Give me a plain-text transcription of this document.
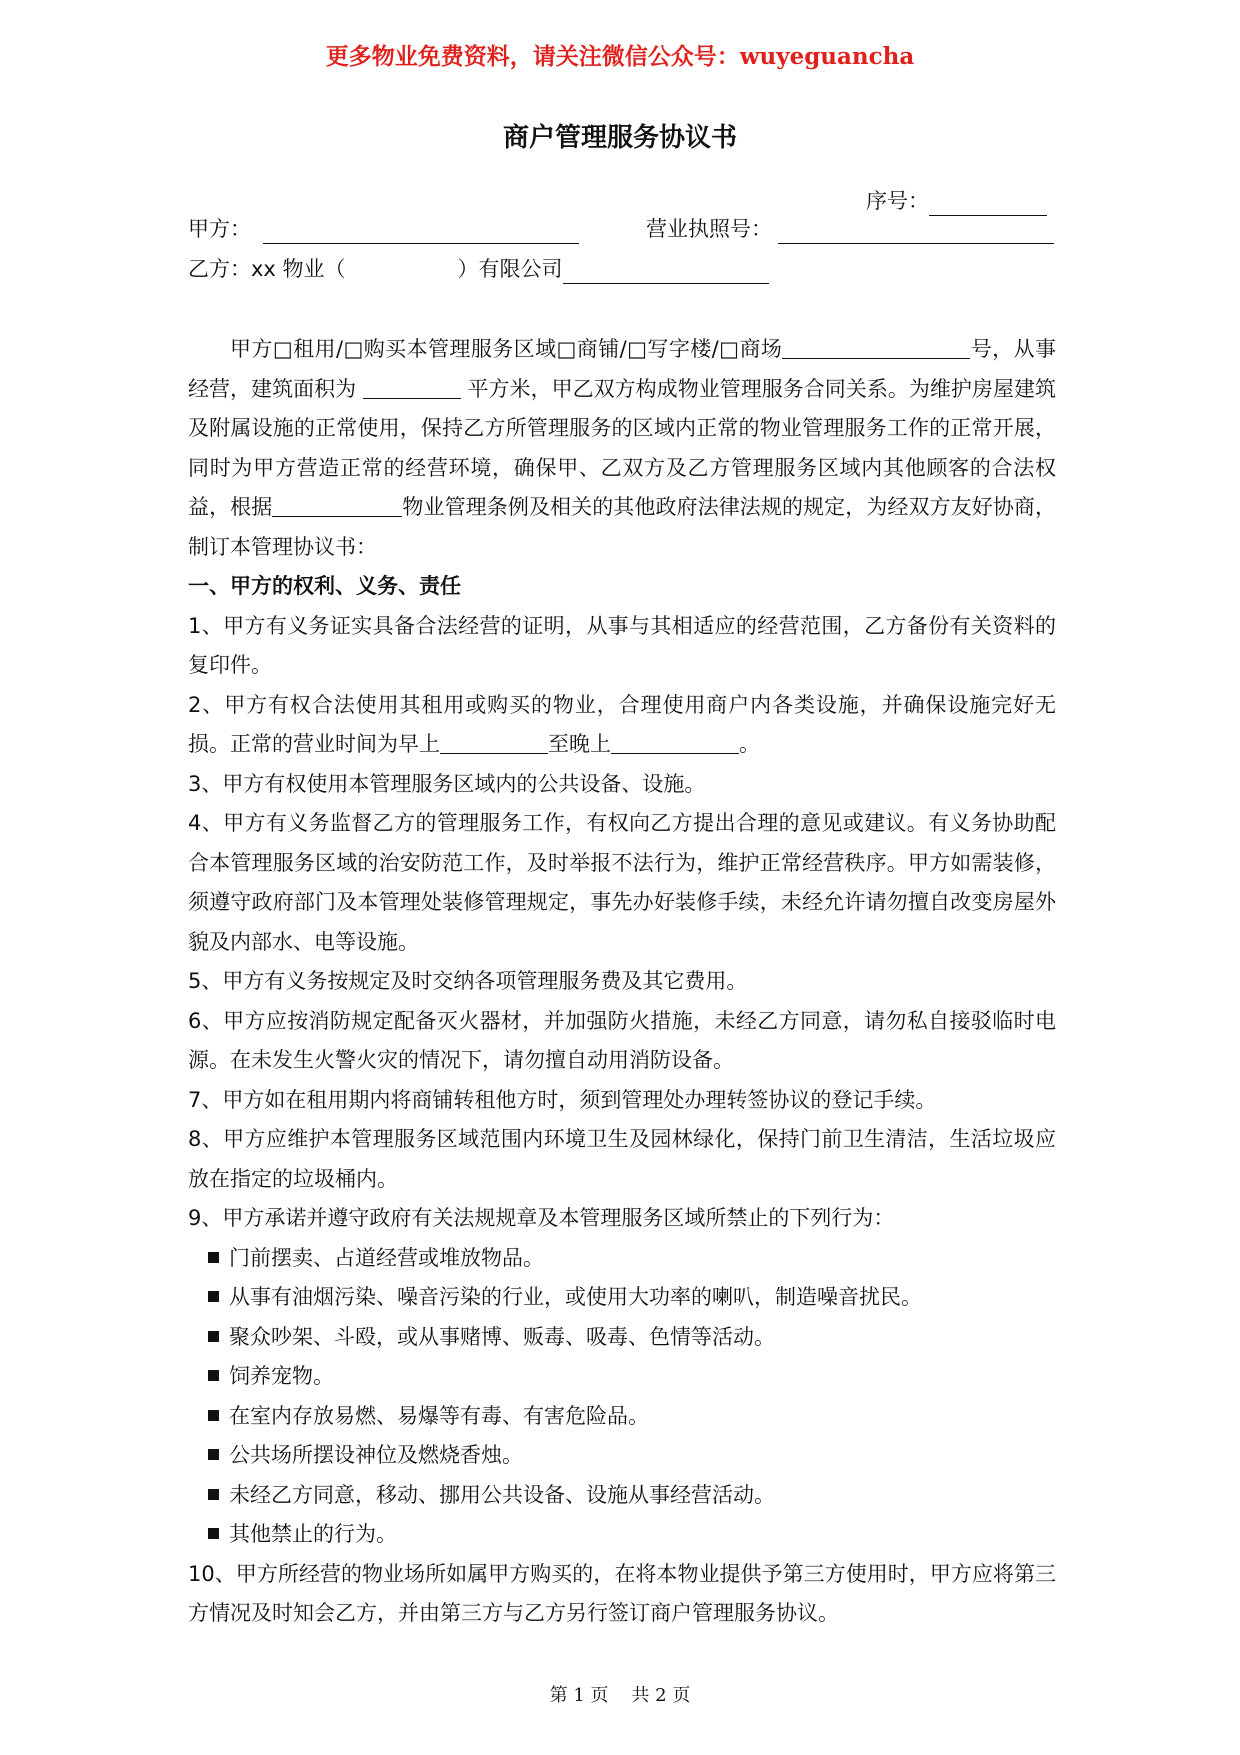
更多物业免费资料，请关注微信公众号：wuyeguancha
商户管理服务协议书
序号：
甲方：	营业执照号：
乙方：xx 物业（	）有限公司

甲方□租用/□购买本管理服务区域□商铺/□写字楼/□商场	号，从事经营，建筑面积为	平方米，甲乙双方构成物业管理服务合同关系。为维护房屋建筑及附属设施的正常使用，保持乙方所管理服务的区域内正常的物业管理服务工作的正常开展，同时为甲方营造正常的经营环境，确保甲、乙双方及乙方管理服务区域内其他顾客的合法权益，根据	物业管理条例及相关的其他政府法律法规的规定，为经双方友好协商，制订本管理协议书：

一、甲方的权利、义务、责任

1、甲方有义务证实具备合法经营的证明，从事与其相适应的经营范围，乙方备份有关资料的复印件。

2、甲方有权合法使用其租用或购买的物业，合理使用商户内各类设施，并确保设施完好无损。正常的营业时间为早上	至晚上	。

3、甲方有权使用本管理服务区域内的公共设备、设施。

4、甲方有义务监督乙方的管理服务工作，有权向乙方提出合理的意见或建议。有义务协助配合本管理服务区域的治安防范工作，及时举报不法行为，维护正常经营秩序。甲方如需装修，须遵守政府部门及本管理处装修管理规定，事先办好装修手续，未经允许请勿擅自改变房屋外貌及内部水、电等设施。

5、甲方有义务按规定及时交纳各项管理服务费及其它费用。

6、甲方应按消防规定配备灭火器材，并加强防火措施，未经乙方同意，请勿私自接驳临时电源。在未发生火警火灾的情况下，请勿擅自动用消防设备。

7、甲方如在租用期内将商铺转租他方时，须到管理处办理转签协议的登记手续。

8、甲方应维护本管理服务区域范围内环境卫生及园林绿化，保持门前卫生清洁，生活垃圾应放在指定的垃圾桶内。

9、甲方承诺并遵守政府有关法规规章及本管理服务区域所禁止的下列行为：

门前摆卖、占道经营或堆放物品。

从事有油烟污染、噪音污染的行业，或使用大功率的喇叭，制造噪音扰民。

聚众吵架、斗殴，或从事赌博、贩毒、吸毒、色情等活动。

饲养宠物。

在室内存放易燃、易爆等有毒、有害危险品。

公共场所摆设神位及燃烧香烛。

未经乙方同意，移动、挪用公共设备、设施从事经营活动。

其他禁止的行为。

10、甲方所经营的物业场所如属甲方购买的，在将本物业提供予第三方使用时，甲方应将第三方情况及时知会乙方，并由第三方与乙方另行签订商户管理服务协议。

第 1 页    共 2 页
